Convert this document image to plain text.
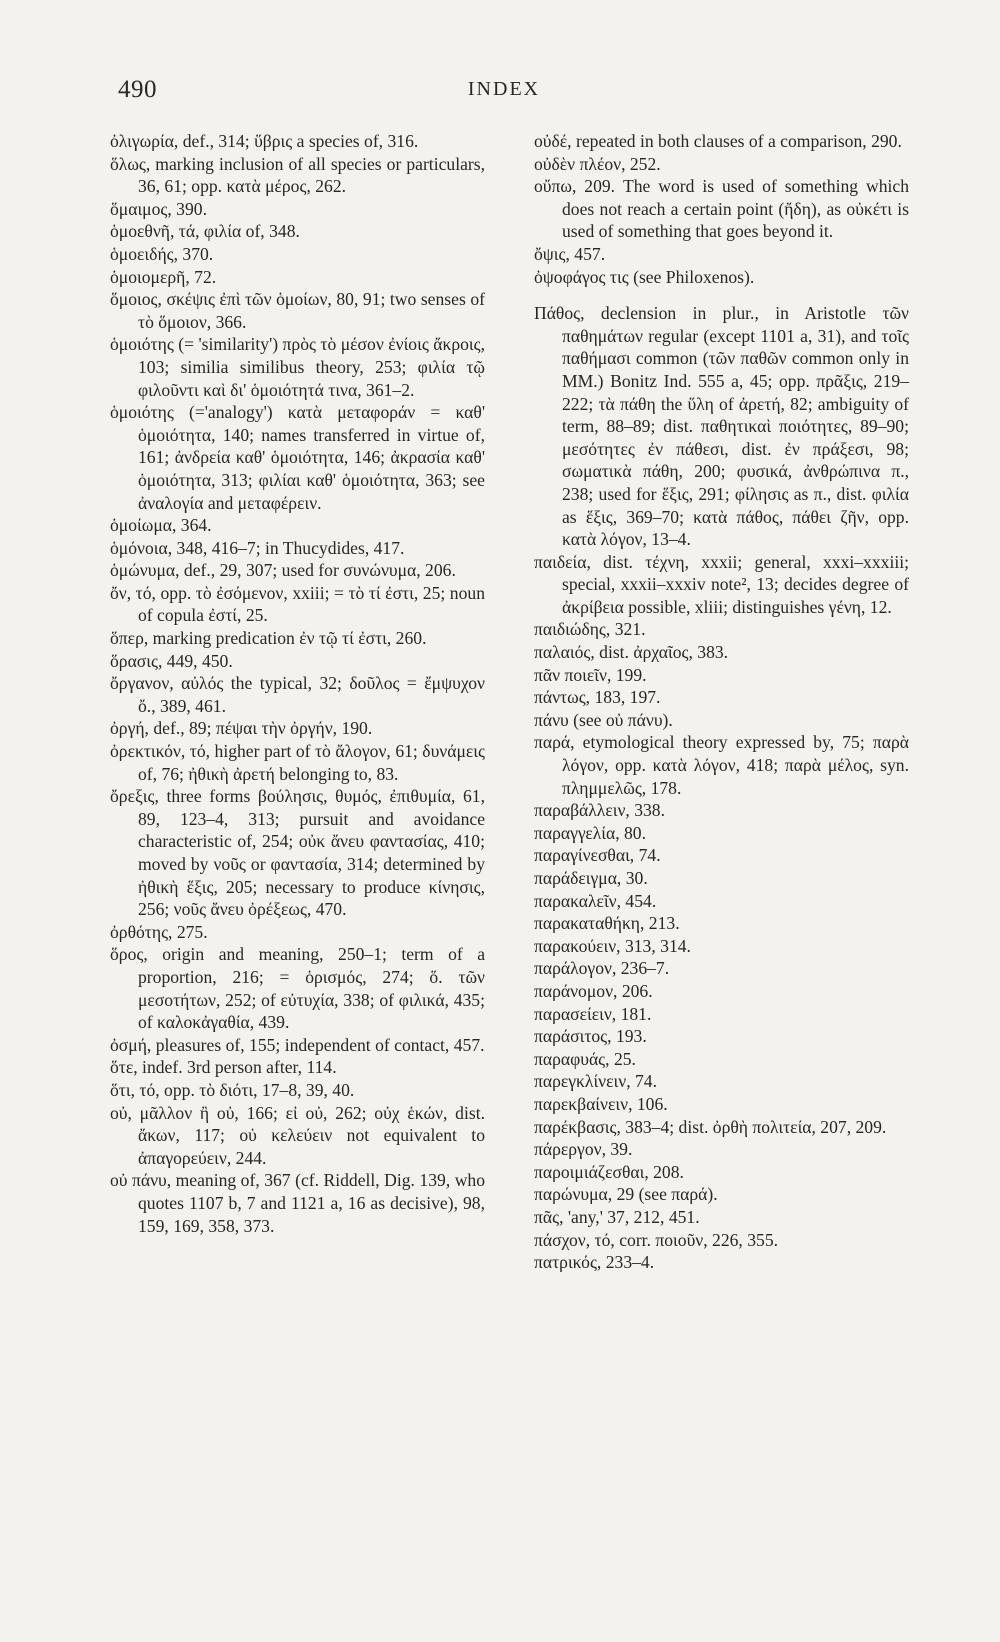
490	INDEX
ὀλιγωρία, def., 314; ὕβρις a species of, 316.
ὅλως, marking inclusion of all species or particulars, 36, 61; opp. κατὰ μέρος, 262.
ὅμαιμος, 390.
ὁμοεθνῆ, τά, φιλία of, 348.
ὁμοειδής, 370.
ὁμοιομερῆ, 72.
ὅμοιος, σκέψις ἐπὶ τῶν ὁμοίων, 80, 91; two senses of τὸ ὅμοιον, 366.
ὁμοιότης (= 'similarity') πρὸς τὸ μέσον ἐνίοις ἄκροις, 103; similia similibus theory, 253; φιλία τῷ φιλοῦντι καὶ δι' ὁμοιότητά τινα, 361–2.
ὁμοιότης (='analogy') κατὰ μεταφοράν = καθ' ὁμοιότητα, 140; names transferred in virtue of, 161; ἀνδρεία καθ' ὁμοιότητα, 146; ἀκρασία καθ' ὁμοιότητα, 313; φιλίαι καθ' ὁμοιότητα, 363; see ἀναλογία and μεταφέρειν.
ὁμοίωμα, 364.
ὁμόνοια, 348, 416–7; in Thucydides, 417.
ὁμώνυμα, def., 29, 307; used for συνώνυμα, 206.
ὄν, τό, opp. τὸ ἐσόμενον, xxiii; = τὸ τί ἐστι, 25; noun of copula ἐστί, 25.
ὅπερ, marking predication ἐν τῷ τί ἐστι, 260.
ὅρασις, 449, 450.
ὄργανον, αὐλός the typical, 32; δοῦλος = ἔμψυχον ὄ., 389, 461.
ὀργή, def., 89; πέψαι τὴν ὀργήν, 190.
ὀρεκτικόν, τό, higher part of τὸ ἄλογον, 61; δυνάμεις of, 76; ἠθικὴ ἀρετή belonging to, 83.
ὄρεξις, three forms βούλησις, θυμός, ἐπιθυμία, 61, 89, 123–4, 313; pursuit and avoidance characteristic of, 254; οὐκ ἄνευ φαντασίας, 410; moved by νοῦς or φαντασία, 314; determined by ἠθικὴ ἕξις, 205; necessary to produce κίνησις, 256; νοῦς ἄνευ ὀρέξεως, 470.
ὀρθότης, 275.
ὅρος, origin and meaning, 250–1; term of a proportion, 216; = ὁρισμός, 274; ὅ. τῶν μεσοτήτων, 252; of εὐτυχία, 338; of φιλικά, 435; of καλοκἀγαθία, 439.
ὀσμή, pleasures of, 155; independent of contact, 457.
ὅτε, indef. 3rd person after, 114.
ὅτι, τό, opp. τὸ διότι, 17–8, 39, 40.
οὐ, μᾶλλον ἢ οὐ, 166; εἰ οὐ, 262; οὐχ ἑκών, dist. ἄκων, 117; οὐ κελεύειν not equivalent to ἀπαγορεύειν, 244.
οὐ πάνυ, meaning of, 367 (cf. Riddell, Dig. 139, who quotes 1107 b, 7 and 1121 a, 16 as decisive), 98, 159, 169, 358, 373.
οὐδέ, repeated in both clauses of a comparison, 290.
οὐδὲν πλέον, 252.
οὔπω, 209. The word is used of something which does not reach a certain point (ἤδη), as οὐκέτι is used of something that goes beyond it.
ὄψις, 457.
ὀψοφάγος τις (see Philoxenos).
Πάθος, declension in plur., in Aristotle τῶν παθημάτων regular (except 1101 a, 31), and τοῖς παθήμασι common (τῶν παθῶν common only in MM.) Bonitz Ind. 555 a, 45; opp. πρᾶξις, 219–222; τὰ πάθη the ὕλη of ἀρετή, 82; ambiguity of term, 88–89; dist. παθητικαὶ ποιότητες, 89–90; μεσότητες ἐν πάθεσι, dist. ἐν πράξεσι, 98; σωματικὰ πάθη, 200; φυσικά, ἀνθρώπινα π., 238; used for ἕξις, 291; φίλησις as π., dist. φιλία as ἕξις, 369–70; κατὰ πάθος, πάθει ζῆν, opp. κατὰ λόγον, 13–4.
παιδεία, dist. τέχνη, xxxii; general, xxxi–xxxiii; special, xxxii–xxxiv note², 13; decides degree of ἀκρίβεια possible, xliii; distinguishes γένη, 12.
παιδιώδης, 321.
παλαιός, dist. ἀρχαῖος, 383.
πᾶν ποιεῖν, 199.
πάντως, 183, 197.
πάνυ (see οὐ πάνυ).
παρά, etymological theory expressed by, 75; παρὰ λόγον, opp. κατὰ λόγον, 418; παρὰ μέλος, syn. πλημμελῶς, 178.
παραβάλλειν, 338.
παραγγελία, 80.
παραγίνεσθαι, 74.
παράδειγμα, 30.
παρακαλεῖν, 454.
παρακαταθήκη, 213.
παρακούειν, 313, 314.
παράλογον, 236–7.
παράνομον, 206.
παρασείειν, 181.
παράσιτος, 193.
παραφυάς, 25.
παρεγκλίνειν, 74.
παρεκβαίνειν, 106.
παρέκβασις, 383–4; dist. ὀρθὴ πολιτεία, 207, 209.
πάρεργον, 39.
παροιμιάζεσθαι, 208.
παρώνυμα, 29 (see παρά).
πᾶς, 'any,' 37, 212, 451.
πάσχον, τό, corr. ποιοῦν, 226, 355.
πατρικός, 233–4.
